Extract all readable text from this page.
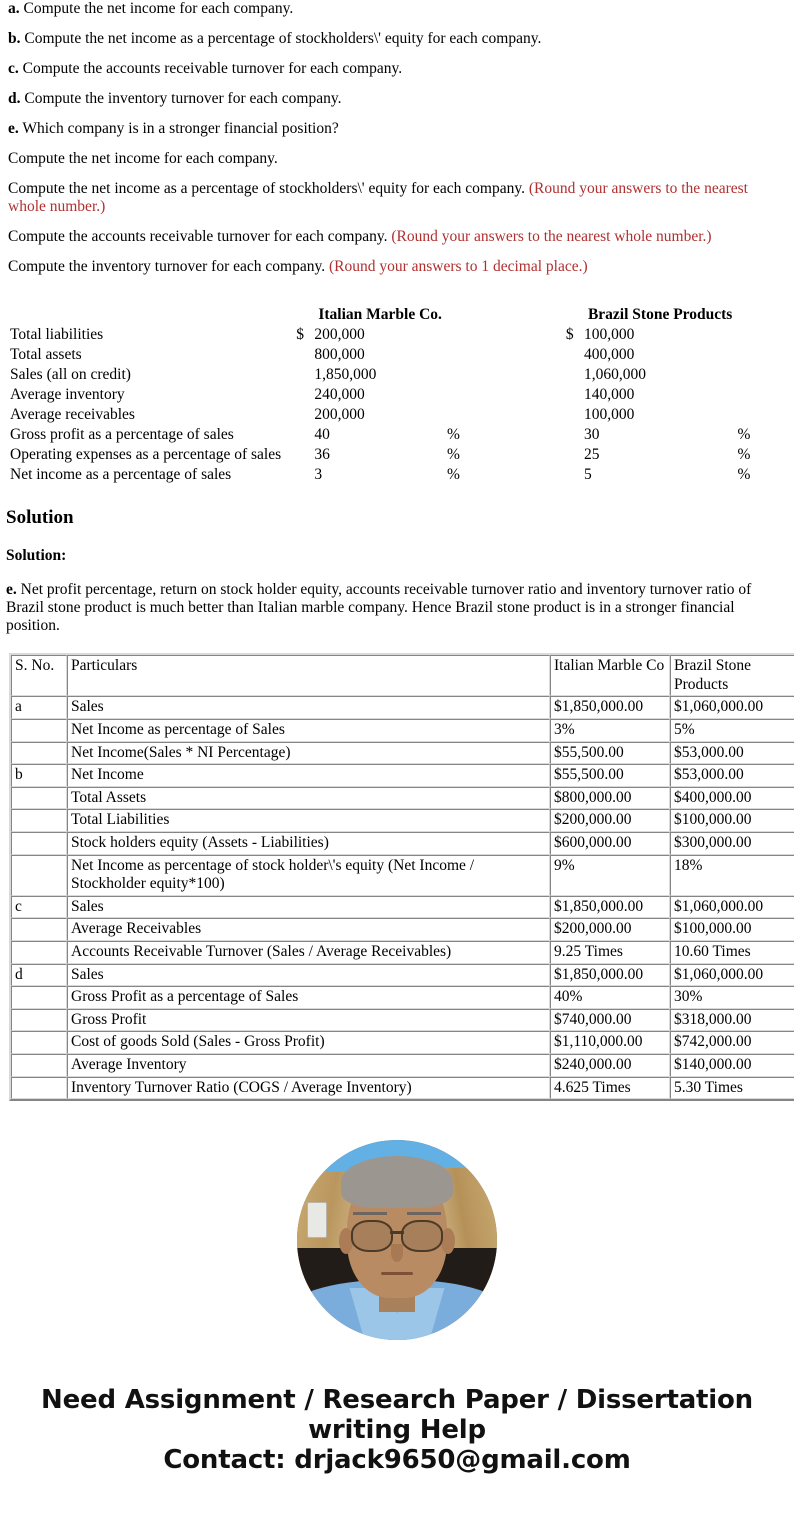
a. Compute the net income for each company.

b. Compute the net income as a percentage of stockholders\' equity for each company.

c. Compute the accounts receivable turnover for each company.

d. Compute the inventory turnover for each company.

e. Which company is in a stronger financial position?

Compute the net income for each company.

Compute the net income as a percentage of stockholders\' equity for each company. (Round your answers to the nearest whole number.)

Compute the accounts receivable turnover for each company. (Round your answers to the nearest whole number.)

Compute the inventory turnover for each company. (Round your answers to 1 decimal place.)

		Italian Marble Co.				Brazil Stone Products	
Total liabilities	$	200,000			$	100,000	
Total assets		800,000				400,000	
Sales (all on credit)		1,850,000				1,060,000	
Average inventory		240,000				140,000	
Average receivables		200,000				100,000	
Gross profit as a percentage of sales		40	%			30	%
Operating expenses as a percentage of sales		36	%			25	%
Net income as a percentage of sales		3	%			5	%
Solution

Solution:

e. Net profit percentage, return on stock holder equity, accounts receivable turnover ratio and inventory turnover ratio of Brazil stone product is much better than Italian marble company. Hence Brazil stone product is in a stronger financial position.

S. No.	Particulars	Italian Marble Co	Brazil Stone Products
a	Sales	$1,850,000.00	$1,060,000.00
	Net Income as percentage of Sales	3%	5%
	Net Income(Sales * NI Percentage)	$55,500.00	$53,000.00
b	Net Income	$55,500.00	$53,000.00
	Total Assets	$800,000.00	$400,000.00
	Total Liabilities	$200,000.00	$100,000.00
	Stock holders equity (Assets - Liabilities)	$600,000.00	$300,000.00
	Net Income as percentage of stock holder\'s equity (Net Income / Stockholder equity*100)	9%	18%
c	Sales	$1,850,000.00	$1,060,000.00
	Average Receivables	$200,000.00	$100,000.00
	Accounts Receivable Turnover (Sales / Average Receivables)	9.25 Times	10.60 Times
d	Sales	$1,850,000.00	$1,060,000.00
	Gross Profit as a percentage of Sales	40%	30%
	Gross Profit	$740,000.00	$318,000.00
	Cost of goods Sold (Sales - Gross Profit)	$1,110,000.00	$742,000.00
	Average Inventory	$240,000.00	$140,000.00
	Inventory Turnover Ratio (COGS / Average Inventory)	4.625 Times	5.30 Times
Need Assignment / Research Paper / Dissertation
writing Help
Contact: drjack9650@gmail.com
